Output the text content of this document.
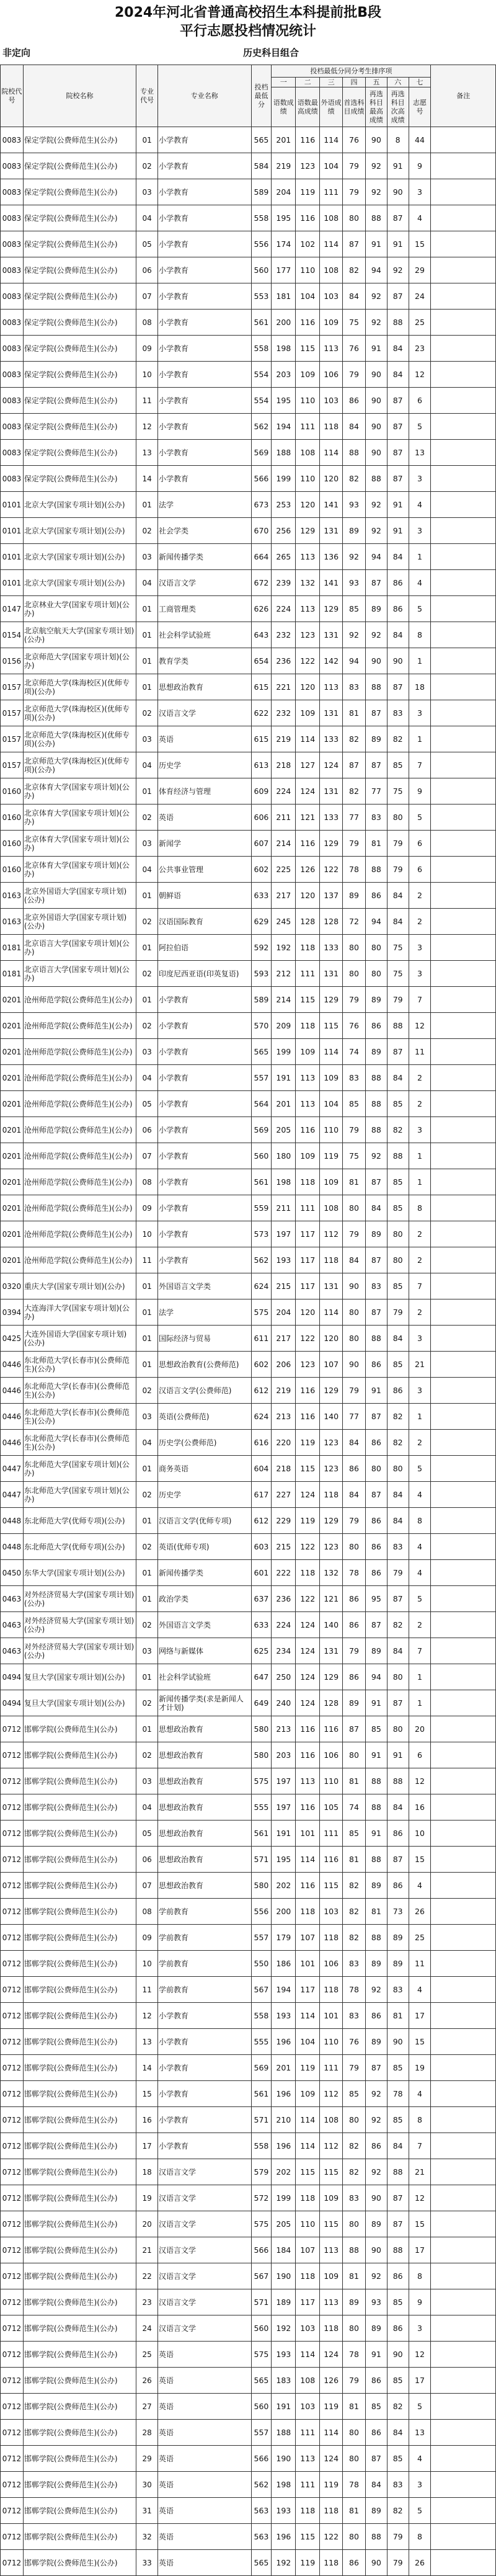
2024年河北省普通高校招生本科提前批B段
平行志愿投档情况统计
非定向	历史科目组合
院校代号	院校名称	专业代号	专业名称	投档最低分	投档最低分同分考生排序项							备注
					一	二	三	四	五	六	七	
					语数成绩	语数最高成绩	外语成绩	首选科目成绩	再选科目最高成绩	再选科目次高成绩	志愿号	
0083	保定学院(公费师范生)(公办)	01	小学教育	565	201	116	114	76	90	8	44	
0083	保定学院(公费师范生)(公办)	02	小学教育	584	219	123	104	79	92	91	9	
0083	保定学院(公费师范生)(公办)	03	小学教育	589	204	119	111	79	92	90	3	
0083	保定学院(公费师范生)(公办)	04	小学教育	558	195	116	108	80	88	87	4	
0083	保定学院(公费师范生)(公办)	05	小学教育	556	174	102	114	87	91	91	15	
0083	保定学院(公费师范生)(公办)	06	小学教育	560	177	110	108	82	94	92	29	
0083	保定学院(公费师范生)(公办)	07	小学教育	553	181	104	103	84	92	87	24	
0083	保定学院(公费师范生)(公办)	08	小学教育	561	200	116	109	75	92	88	25	
0083	保定学院(公费师范生)(公办)	09	小学教育	558	198	115	113	76	91	84	23	
0083	保定学院(公费师范生)(公办)	10	小学教育	554	203	109	106	79	90	84	12	
0083	保定学院(公费师范生)(公办)	11	小学教育	554	195	110	103	86	90	87	6	
0083	保定学院(公费师范生)(公办)	12	小学教育	562	194	111	118	84	90	87	5	
0083	保定学院(公费师范生)(公办)	13	小学教育	569	188	108	114	88	90	87	13	
0083	保定学院(公费师范生)(公办)	14	小学教育	566	199	110	120	82	88	87	3	
0101	北京大学(国家专项计划)(公办)	01	法学	673	253	120	141	93	92	91	4	
0101	北京大学(国家专项计划)(公办)	02	社会学类	670	256	129	131	89	92	91	3	
0101	北京大学(国家专项计划)(公办)	03	新闻传播学类	664	265	113	136	92	94	84	1	
0101	北京大学(国家专项计划)(公办)	04	汉语言文学	672	239	132	141	93	87	86	4	
0147	北京林业大学(国家专项计划)(公办)	01	工商管理类	626	224	113	129	85	89	86	5	
0154	北京航空航天大学(国家专项计划)(公办)	01	社会科学试验班	643	232	123	131	92	92	84	8	
0156	北京师范大学(国家专项计划)(公办)	01	教育学类	654	236	122	142	94	90	90	1	
0157	北京师范大学(珠海校区)(优师专项)(公办)	01	思想政治教育	615	221	120	113	83	88	87	18	
0157	北京师范大学(珠海校区)(优师专项)(公办)	02	汉语言文学	622	232	109	131	81	87	83	3	
0157	北京师范大学(珠海校区)(优师专项)(公办)	03	英语	615	219	114	133	82	89	82	1	
0157	北京师范大学(珠海校区)(优师专项)(公办)	04	历史学	613	218	127	124	87	87	85	7	
0160	北京体育大学(国家专项计划)(公办)	01	体育经济与管理	609	224	124	131	82	77	75	9	
0160	北京体育大学(国家专项计划)(公办)	02	英语	606	211	121	133	77	83	80	5	
0160	北京体育大学(国家专项计划)(公办)	03	新闻学	607	214	116	129	79	81	79	6	
0160	北京体育大学(国家专项计划)(公办)	04	公共事业管理	602	225	126	122	78	88	79	6	
0163	北京外国语大学(国家专项计划)(公办)	01	朝鲜语	633	217	120	137	89	86	84	2	
0163	北京外国语大学(国家专项计划)(公办)	02	汉语国际教育	629	245	128	128	72	94	84	2	
0181	北京语言大学(国家专项计划)(公办)	01	阿拉伯语	592	192	118	133	80	80	75	3	
0181	北京语言大学(国家专项计划)(公办)	02	印度尼西亚语(印英复语)	593	212	111	131	80	80	75	3	
0201	沧州师范学院(公费师范生)(公办)	01	小学教育	589	214	115	129	79	89	79	7	
0201	沧州师范学院(公费师范生)(公办)	02	小学教育	570	209	118	115	76	86	88	12	
0201	沧州师范学院(公费师范生)(公办)	03	小学教育	565	199	109	114	74	89	87	11	
0201	沧州师范学院(公费师范生)(公办)	04	小学教育	557	191	113	109	83	88	84	2	
0201	沧州师范学院(公费师范生)(公办)	05	小学教育	564	201	113	104	85	88	85	2	
0201	沧州师范学院(公费师范生)(公办)	06	小学教育	569	205	116	110	79	88	82	3	
0201	沧州师范学院(公费师范生)(公办)	07	小学教育	560	180	109	119	75	92	88	1	
0201	沧州师范学院(公费师范生)(公办)	08	小学教育	561	198	118	109	81	87	85	1	
0201	沧州师范学院(公费师范生)(公办)	09	小学教育	559	211	111	108	80	84	85	8	
0201	沧州师范学院(公费师范生)(公办)	10	小学教育	573	197	117	112	79	89	80	2	
0201	沧州师范学院(公费师范生)(公办)	11	小学教育	562	193	117	118	84	87	80	2	
0320	重庆大学(国家专项计划)(公办)	01	外国语言文学类	624	215	117	131	90	83	85	7	
0394	大连海洋大学(国家专项计划)(公办)	01	法学	575	204	120	114	80	87	79	2	
0425	大连外国语大学(国家专项计划)(公办)	01	国际经济与贸易	611	217	122	120	80	88	84	3	
0446	东北师范大学(长春市)(公费师范生)(公办)	01	思想政治教育(公费师范)	602	206	123	107	90	86	85	21	
0446	东北师范大学(长春市)(公费师范生)(公办)	02	汉语言文学(公费师范)	612	219	116	129	79	91	86	3	
0446	东北师范大学(长春市)(公费师范生)(公办)	03	英语(公费师范)	624	213	116	140	77	87	82	1	
0446	东北师范大学(长春市)(公费师范生)(公办)	04	历史学(公费师范)	616	220	119	123	84	86	82	2	
0447	东北师范大学(国家专项计划)(公办)	01	商务英语	604	218	115	123	86	80	80	5	
0447	东北师范大学(国家专项计划)(公办)	02	历史学	617	227	124	118	84	87	84	4	
0448	东北师范大学(优师专项)(公办)	01	汉语言文学(优师专项)	612	229	119	129	79	86	84	8	
0448	东北师范大学(优师专项)(公办)	02	英语(优师专项)	603	215	122	123	80	86	83	4	
0450	东华大学(国家专项计划)(公办)	01	新闻传播学类	601	222	118	132	78	86	79	4	
0463	对外经济贸易大学(国家专项计划)(公办)	01	政治学类	637	236	122	121	86	95	87	5	
0463	对外经济贸易大学(国家专项计划)(公办)	02	外国语言文学类	633	224	124	140	86	87	82	2	
0463	对外经济贸易大学(国家专项计划)(公办)	03	网络与新媒体	625	234	124	131	79	89	84	7	
0494	复旦大学(国家专项计划)(公办)	01	社会科学试验班	647	250	124	129	86	94	80	1	
0494	复旦大学(国家专项计划)(公办)	02	新闻传播学类(求是新闻人才计划)	649	240	124	128	89	91	87	1	
0712	邯郸学院(公费师范生)(公办)	01	思想政治教育	580	213	116	116	87	85	80	20	
0712	邯郸学院(公费师范生)(公办)	02	思想政治教育	580	203	116	106	80	91	91	6	
0712	邯郸学院(公费师范生)(公办)	03	思想政治教育	575	197	113	110	81	88	88	12	
0712	邯郸学院(公费师范生)(公办)	04	思想政治教育	555	197	116	105	74	88	84	16	
0712	邯郸学院(公费师范生)(公办)	05	思想政治教育	561	191	101	111	85	91	86	10	
0712	邯郸学院(公费师范生)(公办)	06	思想政治教育	571	195	114	116	81	88	87	15	
0712	邯郸学院(公费师范生)(公办)	07	思想政治教育	580	202	116	115	82	89	86	4	
0712	邯郸学院(公费师范生)(公办)	08	学前教育	556	200	118	103	82	81	73	26	
0712	邯郸学院(公费师范生)(公办)	09	学前教育	557	179	107	118	82	88	89	25	
0712	邯郸学院(公费师范生)(公办)	10	学前教育	550	186	101	106	83	89	89	11	
0712	邯郸学院(公费师范生)(公办)	11	学前教育	567	194	117	118	78	92	83	4	
0712	邯郸学院(公费师范生)(公办)	12	小学教育	558	193	114	101	83	86	81	17	
0712	邯郸学院(公费师范生)(公办)	13	小学教育	555	196	104	110	76	89	90	15	
0712	邯郸学院(公费师范生)(公办)	14	小学教育	569	201	119	111	79	87	85	19	
0712	邯郸学院(公费师范生)(公办)	15	小学教育	561	196	109	112	85	92	78	4	
0712	邯郸学院(公费师范生)(公办)	16	小学教育	571	210	114	108	80	92	85	8	
0712	邯郸学院(公费师范生)(公办)	17	小学教育	558	196	114	112	82	86	84	7	
0712	邯郸学院(公费师范生)(公办)	18	汉语言文学	579	202	115	115	82	92	88	21	
0712	邯郸学院(公费师范生)(公办)	19	汉语言文学	572	199	118	109	83	90	87	12	
0712	邯郸学院(公费师范生)(公办)	20	汉语言文学	575	205	110	115	80	89	87	15	
0712	邯郸学院(公费师范生)(公办)	21	汉语言文学	566	184	107	113	88	90	88	17	
0712	邯郸学院(公费师范生)(公办)	22	汉语言文学	567	190	118	109	81	92	86	8	
0712	邯郸学院(公费师范生)(公办)	23	汉语言文学	571	189	117	113	89	93	85	9	
0712	邯郸学院(公费师范生)(公办)	24	汉语言文学	560	192	103	118	80	89	86	3	
0712	邯郸学院(公费师范生)(公办)	25	英语	575	193	114	124	78	91	90	12	
0712	邯郸学院(公费师范生)(公办)	26	英语	565	183	108	126	79	86	85	17	
0712	邯郸学院(公费师范生)(公办)	27	英语	560	191	103	119	81	85	82	5	
0712	邯郸学院(公费师范生)(公办)	28	英语	557	188	111	114	80	86	84	13	
0712	邯郸学院(公费师范生)(公办)	29	英语	566	190	113	124	80	87	85	4	
0712	邯郸学院(公费师范生)(公办)	30	英语	562	198	111	119	78	84	83	3	
0712	邯郸学院(公费师范生)(公办)	31	英语	563	193	118	118	81	89	82	5	
0712	邯郸学院(公费师范生)(公办)	32	英语	563	196	115	122	80	88	79	8	
0712	邯郸学院(公费师范生)(公办)	33	英语	565	192	119	118	86	90	79	26	
